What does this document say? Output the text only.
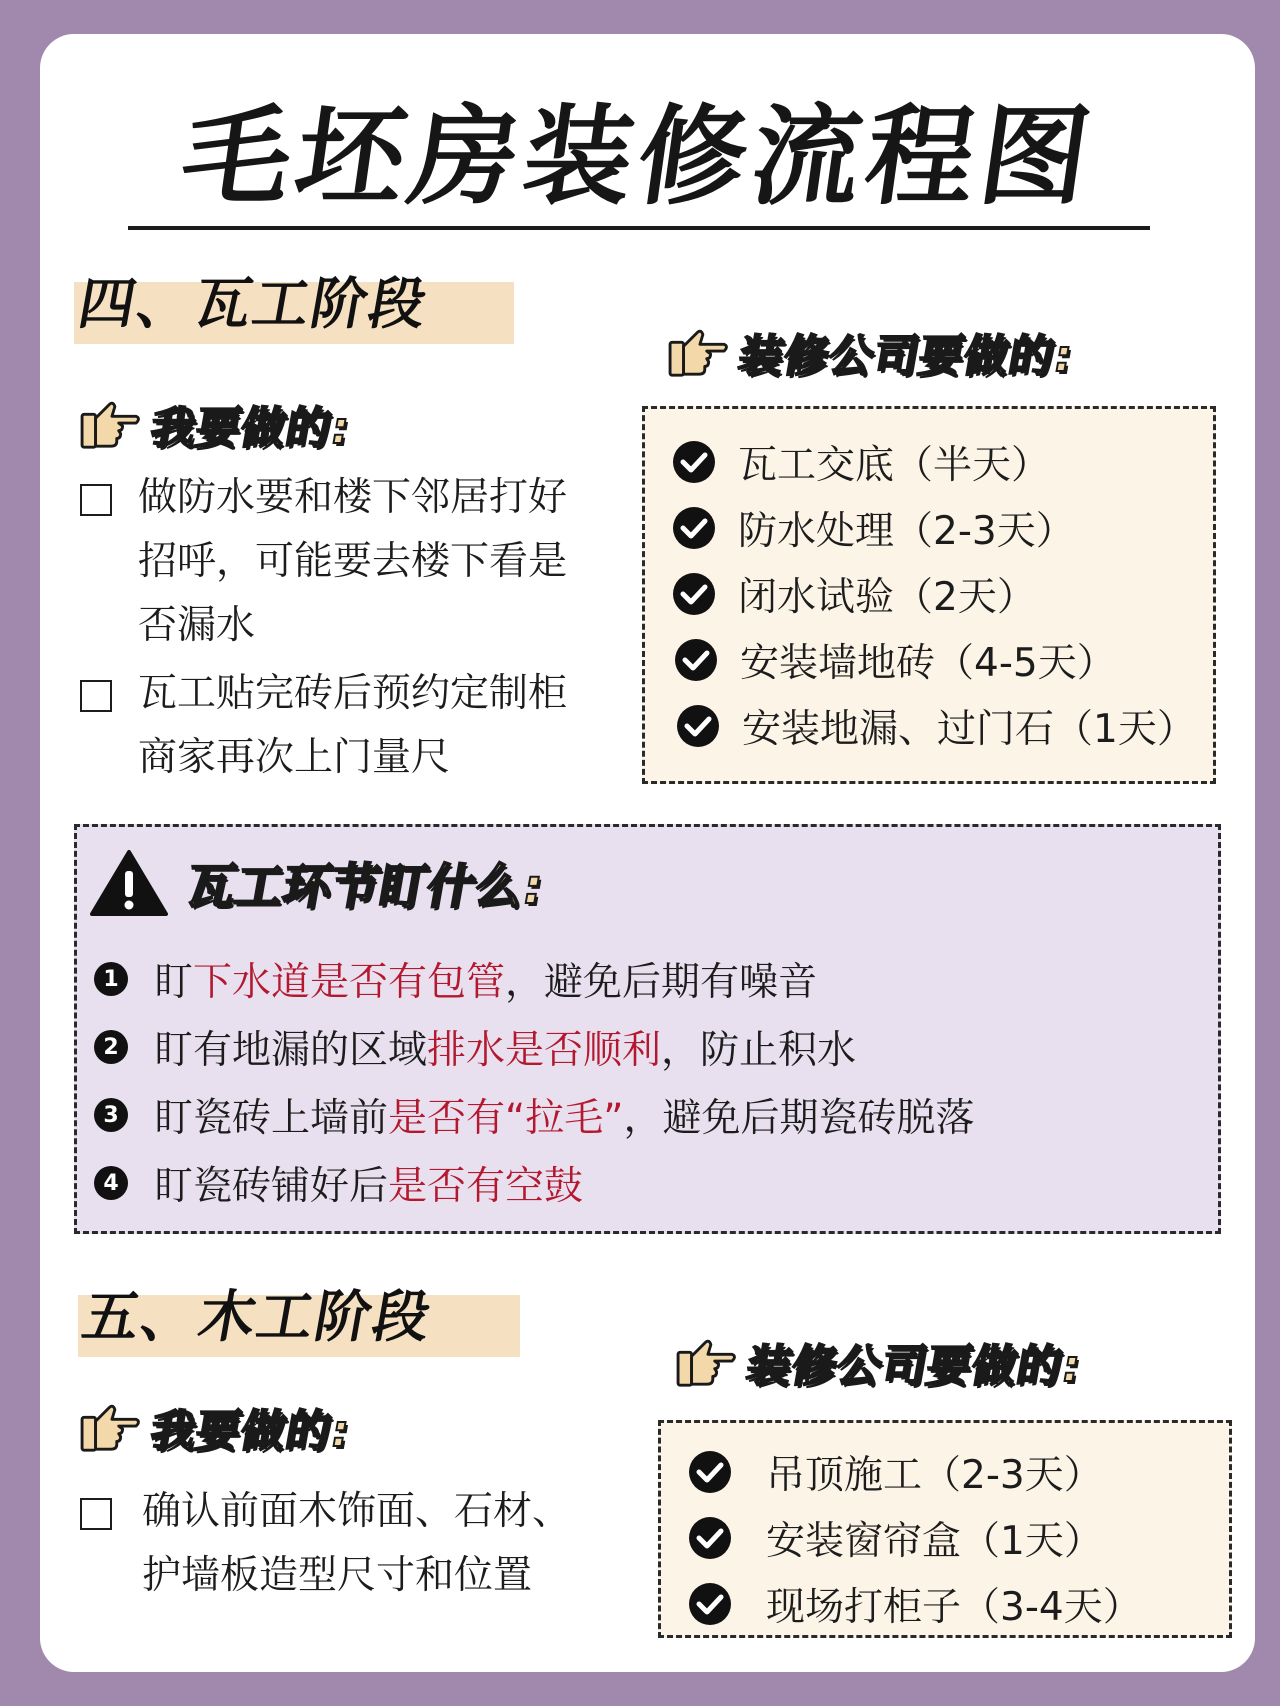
毛坯房装修流程图
四、瓦工阶段
我要做的:
做防水要和楼下邻居打好
招呼，可能要去楼下看是
否漏水
瓦工贴完砖后预约定制柜
商家再次上门量尺
装修公司要做的:
瓦工交底（半天）
防水处理（2-3天）
闭水试验（2天）
安装墙地砖（4-5天）
安装地漏、过门石（1天）
瓦工环节盯什么:
1 盯 下水道是否有包管 ，避免后期有噪音
2 盯有地漏的区域 排水是否顺利 ，防止积水
3 盯瓷砖上墙前 是否有“拉毛” ，避免后期瓷砖脱落
4 盯瓷砖铺好后 是否有空鼓
五、木工阶段
我要做的:
确认前面木饰面、石材、
护墙板造型尺寸和位置
装修公司要做的:
吊顶施工（2-3天）
安装窗帘盒（1天）
现场打柜子（3-4天）
